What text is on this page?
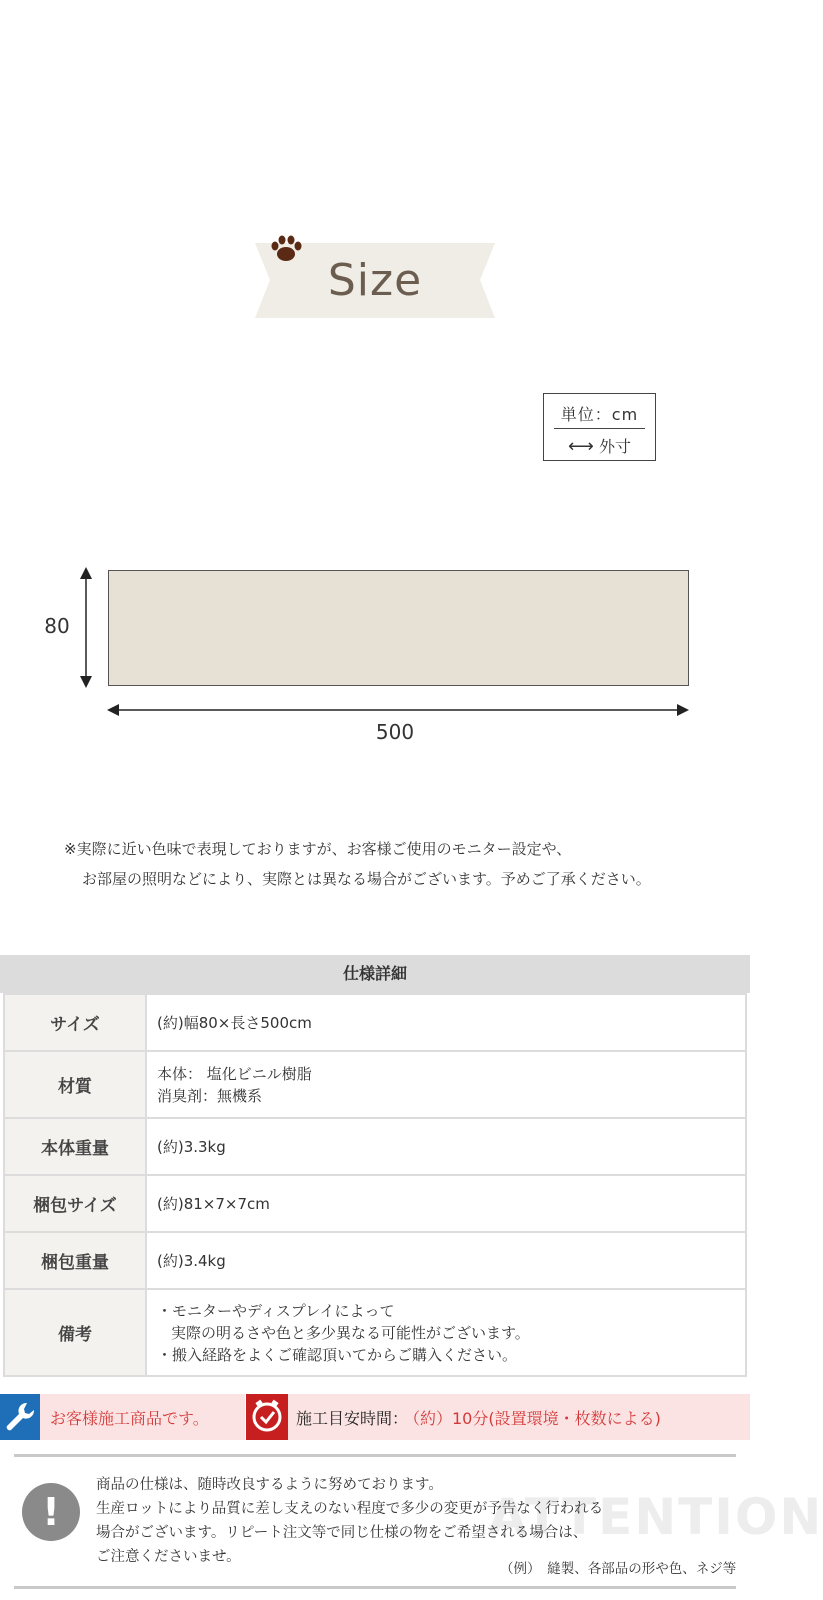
Size
単位：cm
⟷ 外寸
80
500
※実際に近い色味で表現しておりますが、お客様ご使用のモニター設定や、
お部屋の照明などにより、実際とは異なる場合がございます。予めご了承ください。
仕様詳細
サイズ	(約)幅80×長さ500cm

材質	本体： 塩化ビニル樹脂
消臭剤：無機系

本体重量	(約)3.3kg

梱包サイズ	(約)81×7×7cm

梱包重量	(約)3.4kg

備考	・モニターやディスプレイによって
実際の明るさや色と多少異なる可能性がございます。
・搬入経路をよくご確認頂いてからご購入ください。
お客様施工商品です。	施工目安時間：
（約）10分(設置環境・枚数による)
ATTENTION
!
商品の仕様は、随時改良するように努めております。
生産ロットにより品質に差し支えのない程度で多少の変更が予告なく行われる
場合がございます。リピート注文等で同じ仕様の物をご希望される場合は、
ご注意くださいませ。
（例）　縫製、各部品の形や色、ネジ等
